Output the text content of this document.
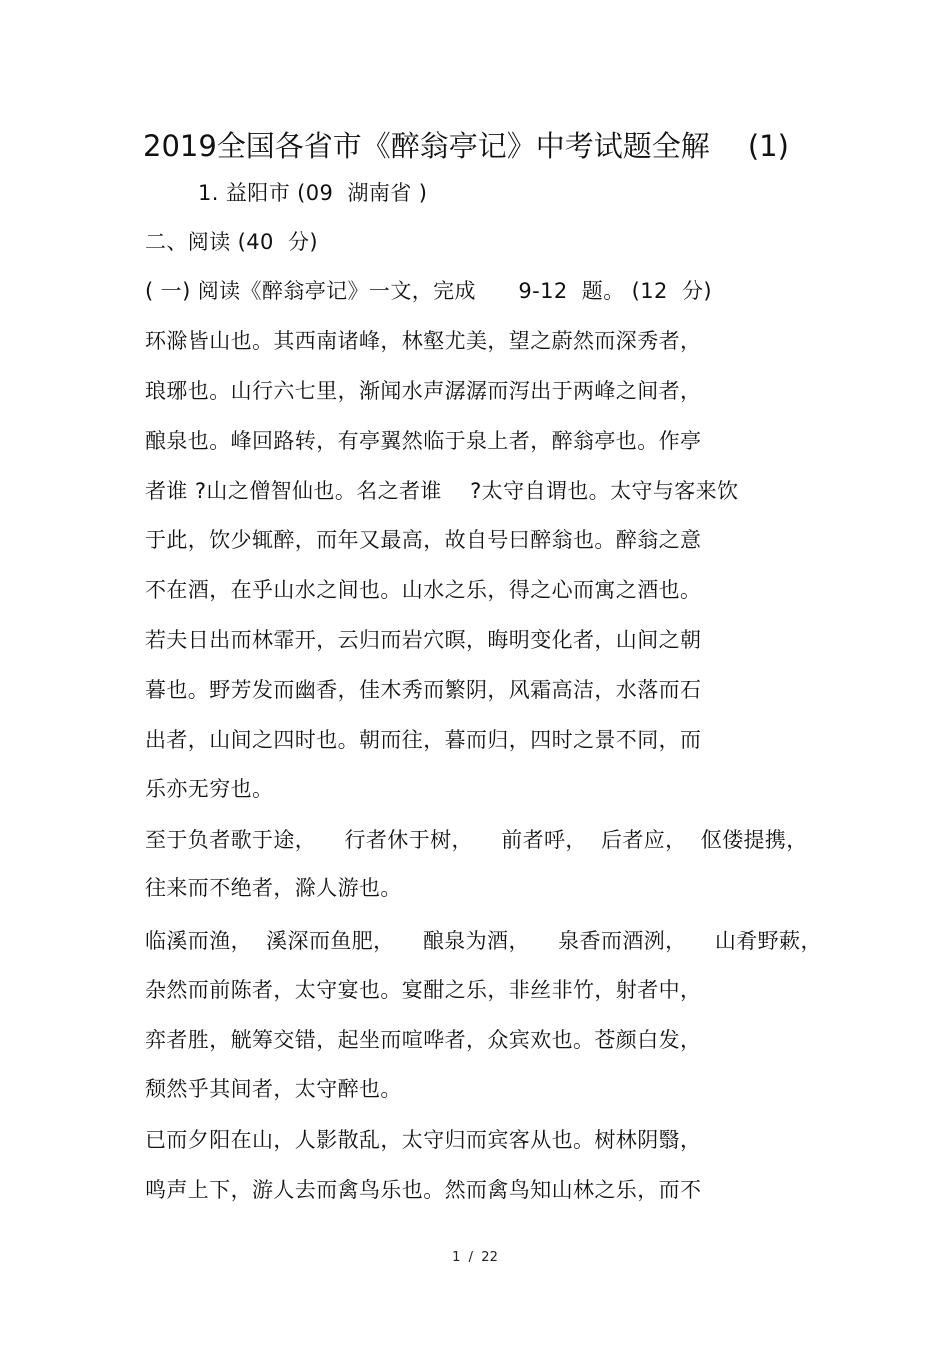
2019全国各省市《醉翁亭记》中考试题全解 (1)
1. 益阳市 (09  湖南省 )
二、阅读 (40  分)
( 一) 阅读《醉翁亭记》一文，完成      9-12  题。 (12  分)
环滁皆山也。其西南诸峰，林壑尤美，望之蔚然而深秀者，
琅琊也。山行六七里，渐闻水声潺潺而泻出于两峰之间者，
酿泉也。峰回路转，有亭翼然临于泉上者，醉翁亭也。作亭
者谁 ?山之僧智仙也。名之者谁    ?太守自谓也。太守与客来饮
于此，饮少辄醉，而年又最高，故自号曰醉翁也。醉翁之意
不在酒，在乎山水之间也。山水之乐，得之心而寓之酒也。
若夫日出而林霏开，云归而岩穴暝，晦明变化者，山间之朝
暮也。野芳发而幽香，佳木秀而繁阴，风霜高洁，水落而石
出者，山间之四时也。朝而往，暮而归，四时之景不同，而
乐亦无穷也。
至于负者歌于途，    行者休于树，    前者呼，  后者应，  伛偻提携，
往来而不绝者，滁人游也。
临溪而渔，  溪深而鱼肥，    酿泉为酒，    泉香而酒洌，    山肴野蔌，
杂然而前陈者，太守宴也。宴酣之乐，非丝非竹，射者中，
弈者胜，觥筹交错，起坐而喧哗者，众宾欢也。苍颜白发，
颓然乎其间者，太守醉也。
已而夕阳在山，人影散乱，太守归而宾客从也。树林阴翳，
鸣声上下，游人去而禽鸟乐也。然而禽鸟知山林之乐，而不
1  /  22
